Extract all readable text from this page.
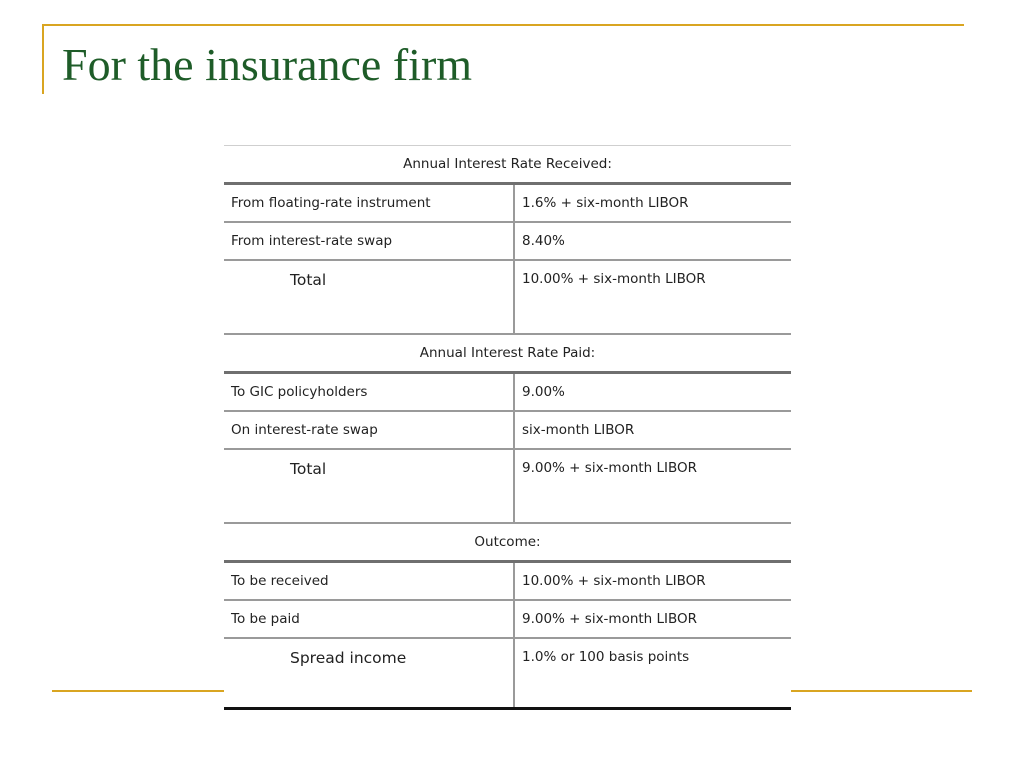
For the insurance firm
Annual Interest Rate Received:	
From floating-rate instrument	1.6% + six-month LIBOR
From interest-rate swap	8.40%
Total	10.00% + six-month LIBOR
Annual Interest Rate Paid:	
To GIC policyholders	9.00%
On interest-rate swap	six-month LIBOR
Total	9.00% + six-month LIBOR
Outcome:	
To be received	10.00% + six-month LIBOR
To be paid	9.00% + six-month LIBOR
Spread income	1.0% or 100 basis points
